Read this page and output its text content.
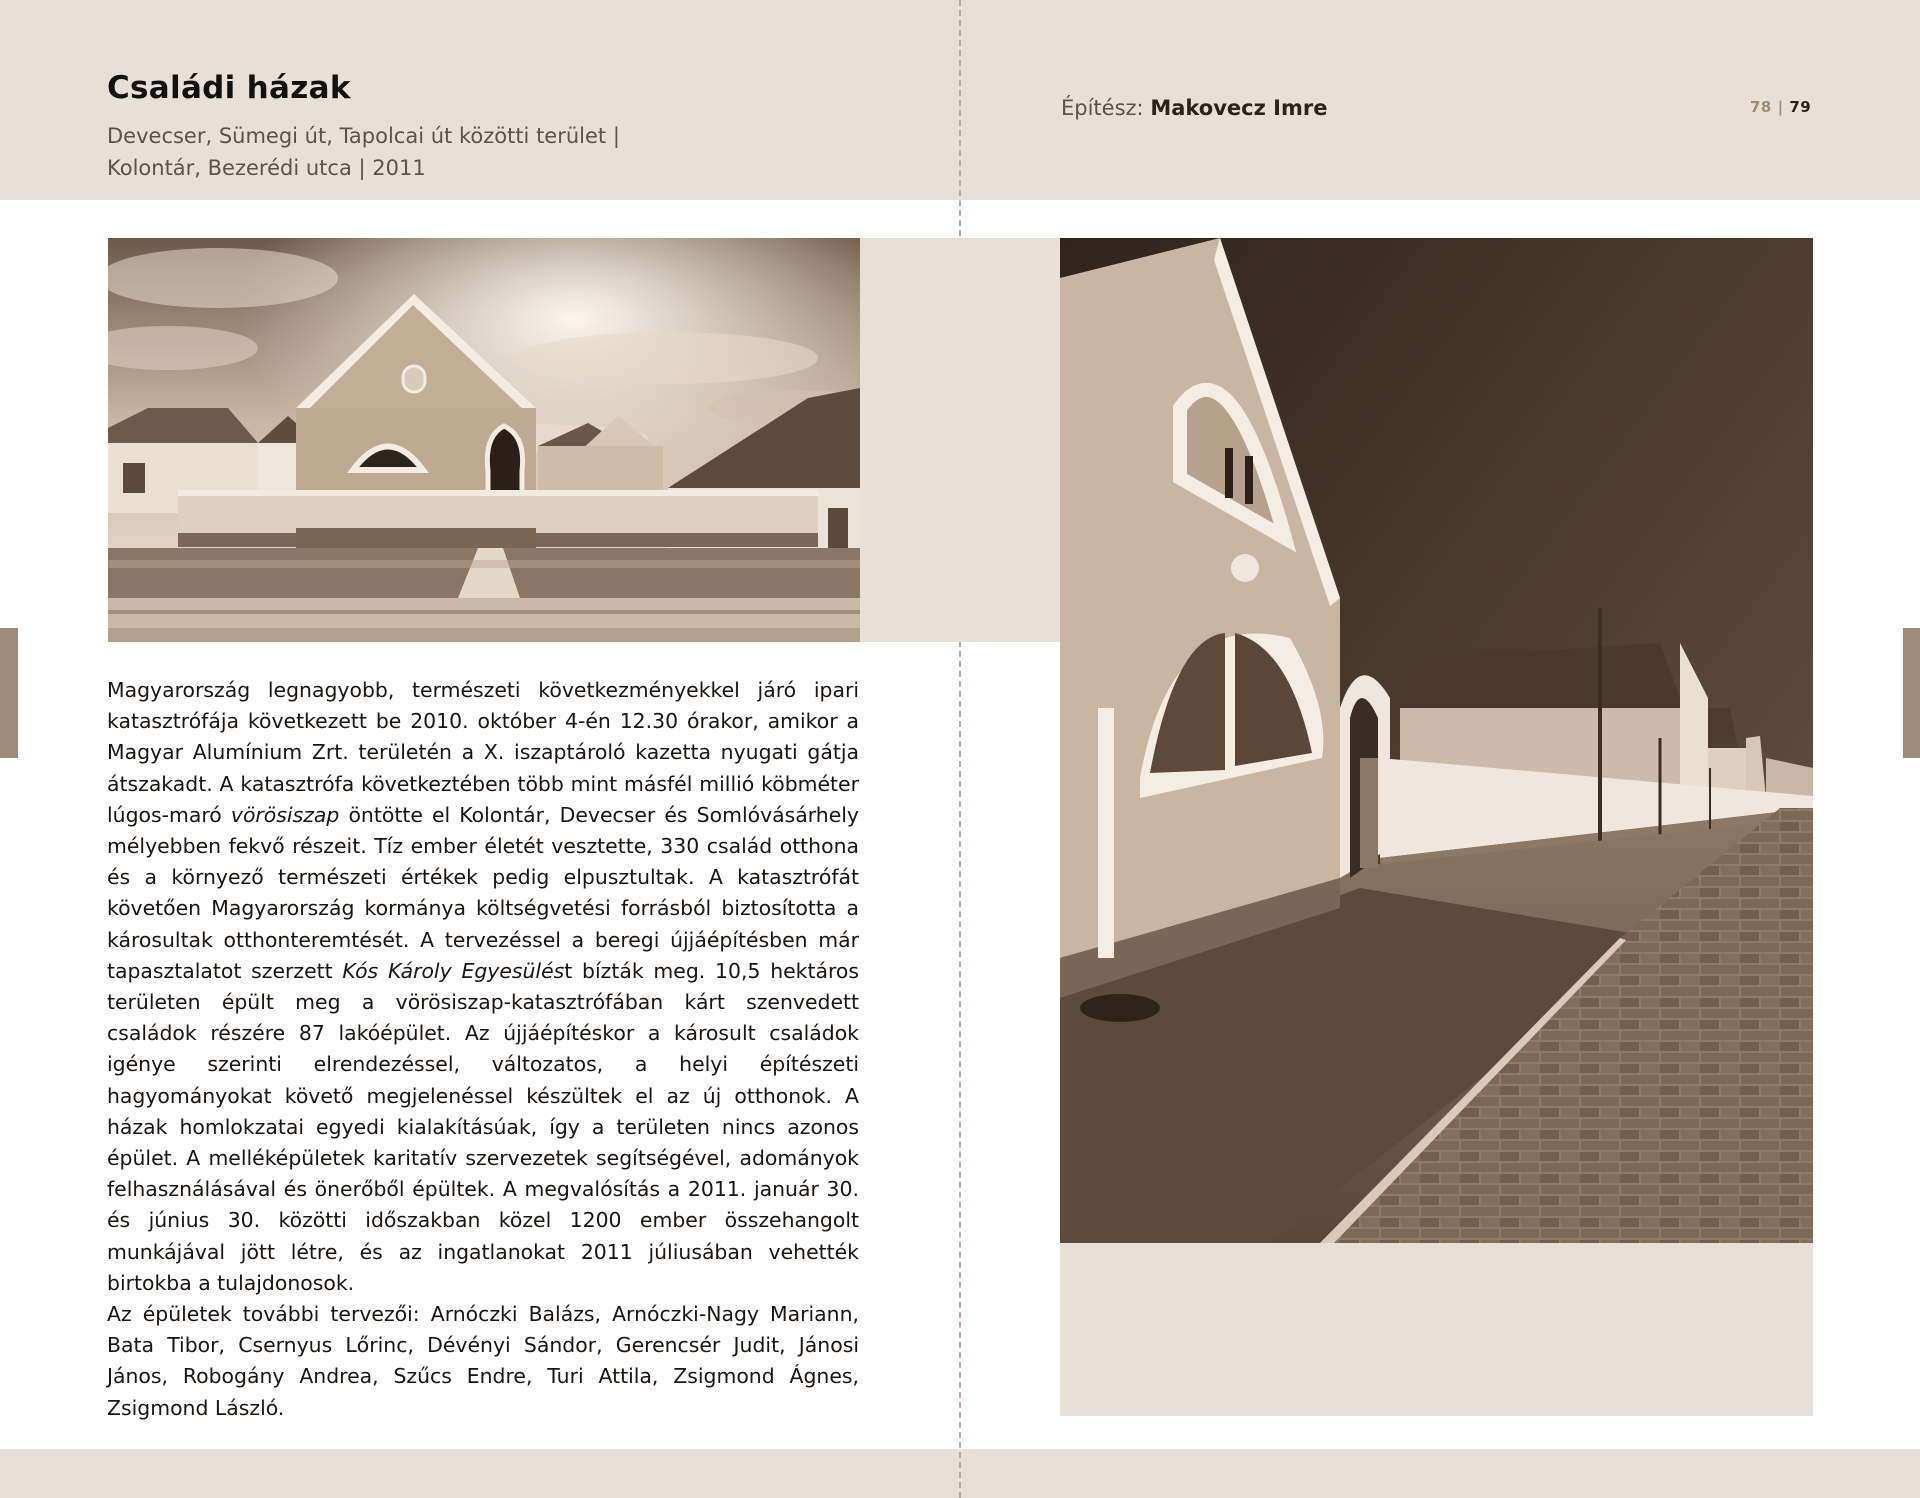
Családi házak
Devecser, Sümegi út, Tapolcai út közötti terület |
Kolontár, Bezerédi utca | 2011
Építész: Makovecz Imre	78 | 79

Magyarország legnagyobb, természeti következményekkel járó ipari katasztrófája következett be 2010. október 4-én 12.30 órakor, amikor a Magyar Alumínium Zrt. területén a X. iszaptároló kazetta nyugati gátja átszakadt. A katasztrófa következtében több mint másfél millió köbméter lúgos-maró vörösiszap öntötte el Kolontár, Devecser és Somlóvásárhely mélyebben fekvő részeit. Tíz ember életét vesztette, 330 család otthona és a környező természeti értékek pedig elpusztultak. A katasztrófát követően Magyarország kormánya költségvetési forrásból biztosította a károsultak otthonteremtését. A tervezéssel a beregi újjáépítésben már tapasztalatot szerzett Kós Károly Egyesülést bízták meg. 10,5 hektáros területen épült meg a vörösiszap-katasztrófában kárt szenvedett családok részére 87 lakóépület. Az újjáépítéskor a károsult családok igénye szerinti elrendezéssel, változatos, a helyi építészeti hagyományokat követő megjelenéssel készültek el az új otthonok. A házak homlokzatai egyedi kialakításúak, így a területen nincs azonos épület. A melléképületek karitatív szervezetek segítségével, adományok felhasználásával és önerőből épültek. A megvalósítás a 2011. január 30. és június 30. közötti időszakban közel 1200 ember összehangolt munkájával jött létre, és az ingatlanokat 2011 júliusában vehették birtokba a tulajdonosok.

Az épületek további tervezői: Arnóczki Balázs, Arnóczki-Nagy Mariann, Bata Tibor, Csernyus Lőrinc, Dévényi Sándor, Gerencsér Judit, Jánosi János, Robogány Andrea, Szűcs Endre, Turi Attila, Zsigmond Ágnes, Zsigmond László.
